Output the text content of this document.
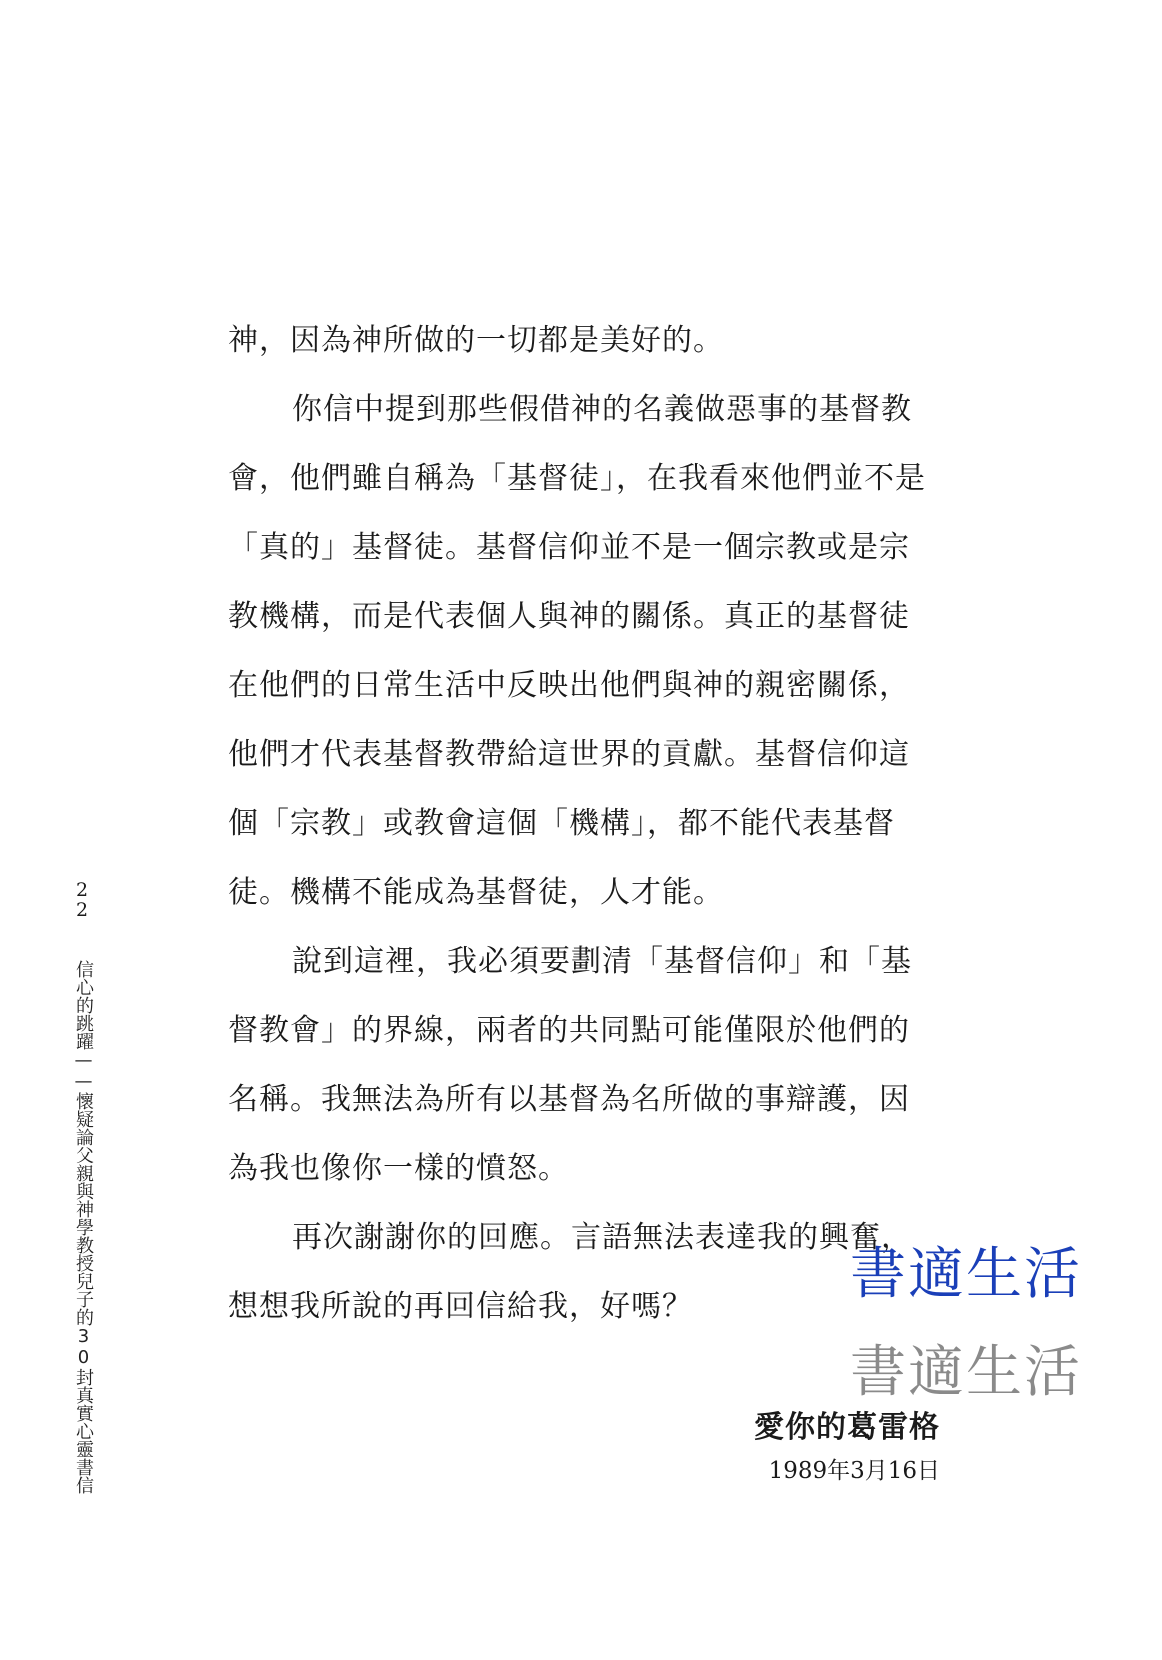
神，因為神所做的一切都是美好的。

你信中提到那些假借神的名義做惡事的基督教會，他們雖自稱為「基督徒」，在我看來他們並不是「真的」基督徒。基督信仰並不是一個宗教或是宗教機構，而是代表個人與神的關係。真正的基督徒在他們的日常生活中反映出他們與神的親密關係，他們才代表基督教帶給這世界的貢獻。基督信仰這個「宗教」或教會這個「機構」，都不能代表基督徒。機構不能成為基督徒，人才能。

說到這裡，我必須要劃清「基督信仰」和「基督教會」的界線，兩者的共同點可能僅限於他們的名稱。我無法為所有以基督為名所做的事辯護，因為我也像你一樣的憤怒。

再次謝謝你的回應。言語無法表達我的興奮，想想我所說的再回信給我，好嗎？

愛你的葛雷格
1989年3月16日
22
信心的跳躍——懷疑論父親與神學教授兒子的30封真實心靈書信	書適生活
書適生活
